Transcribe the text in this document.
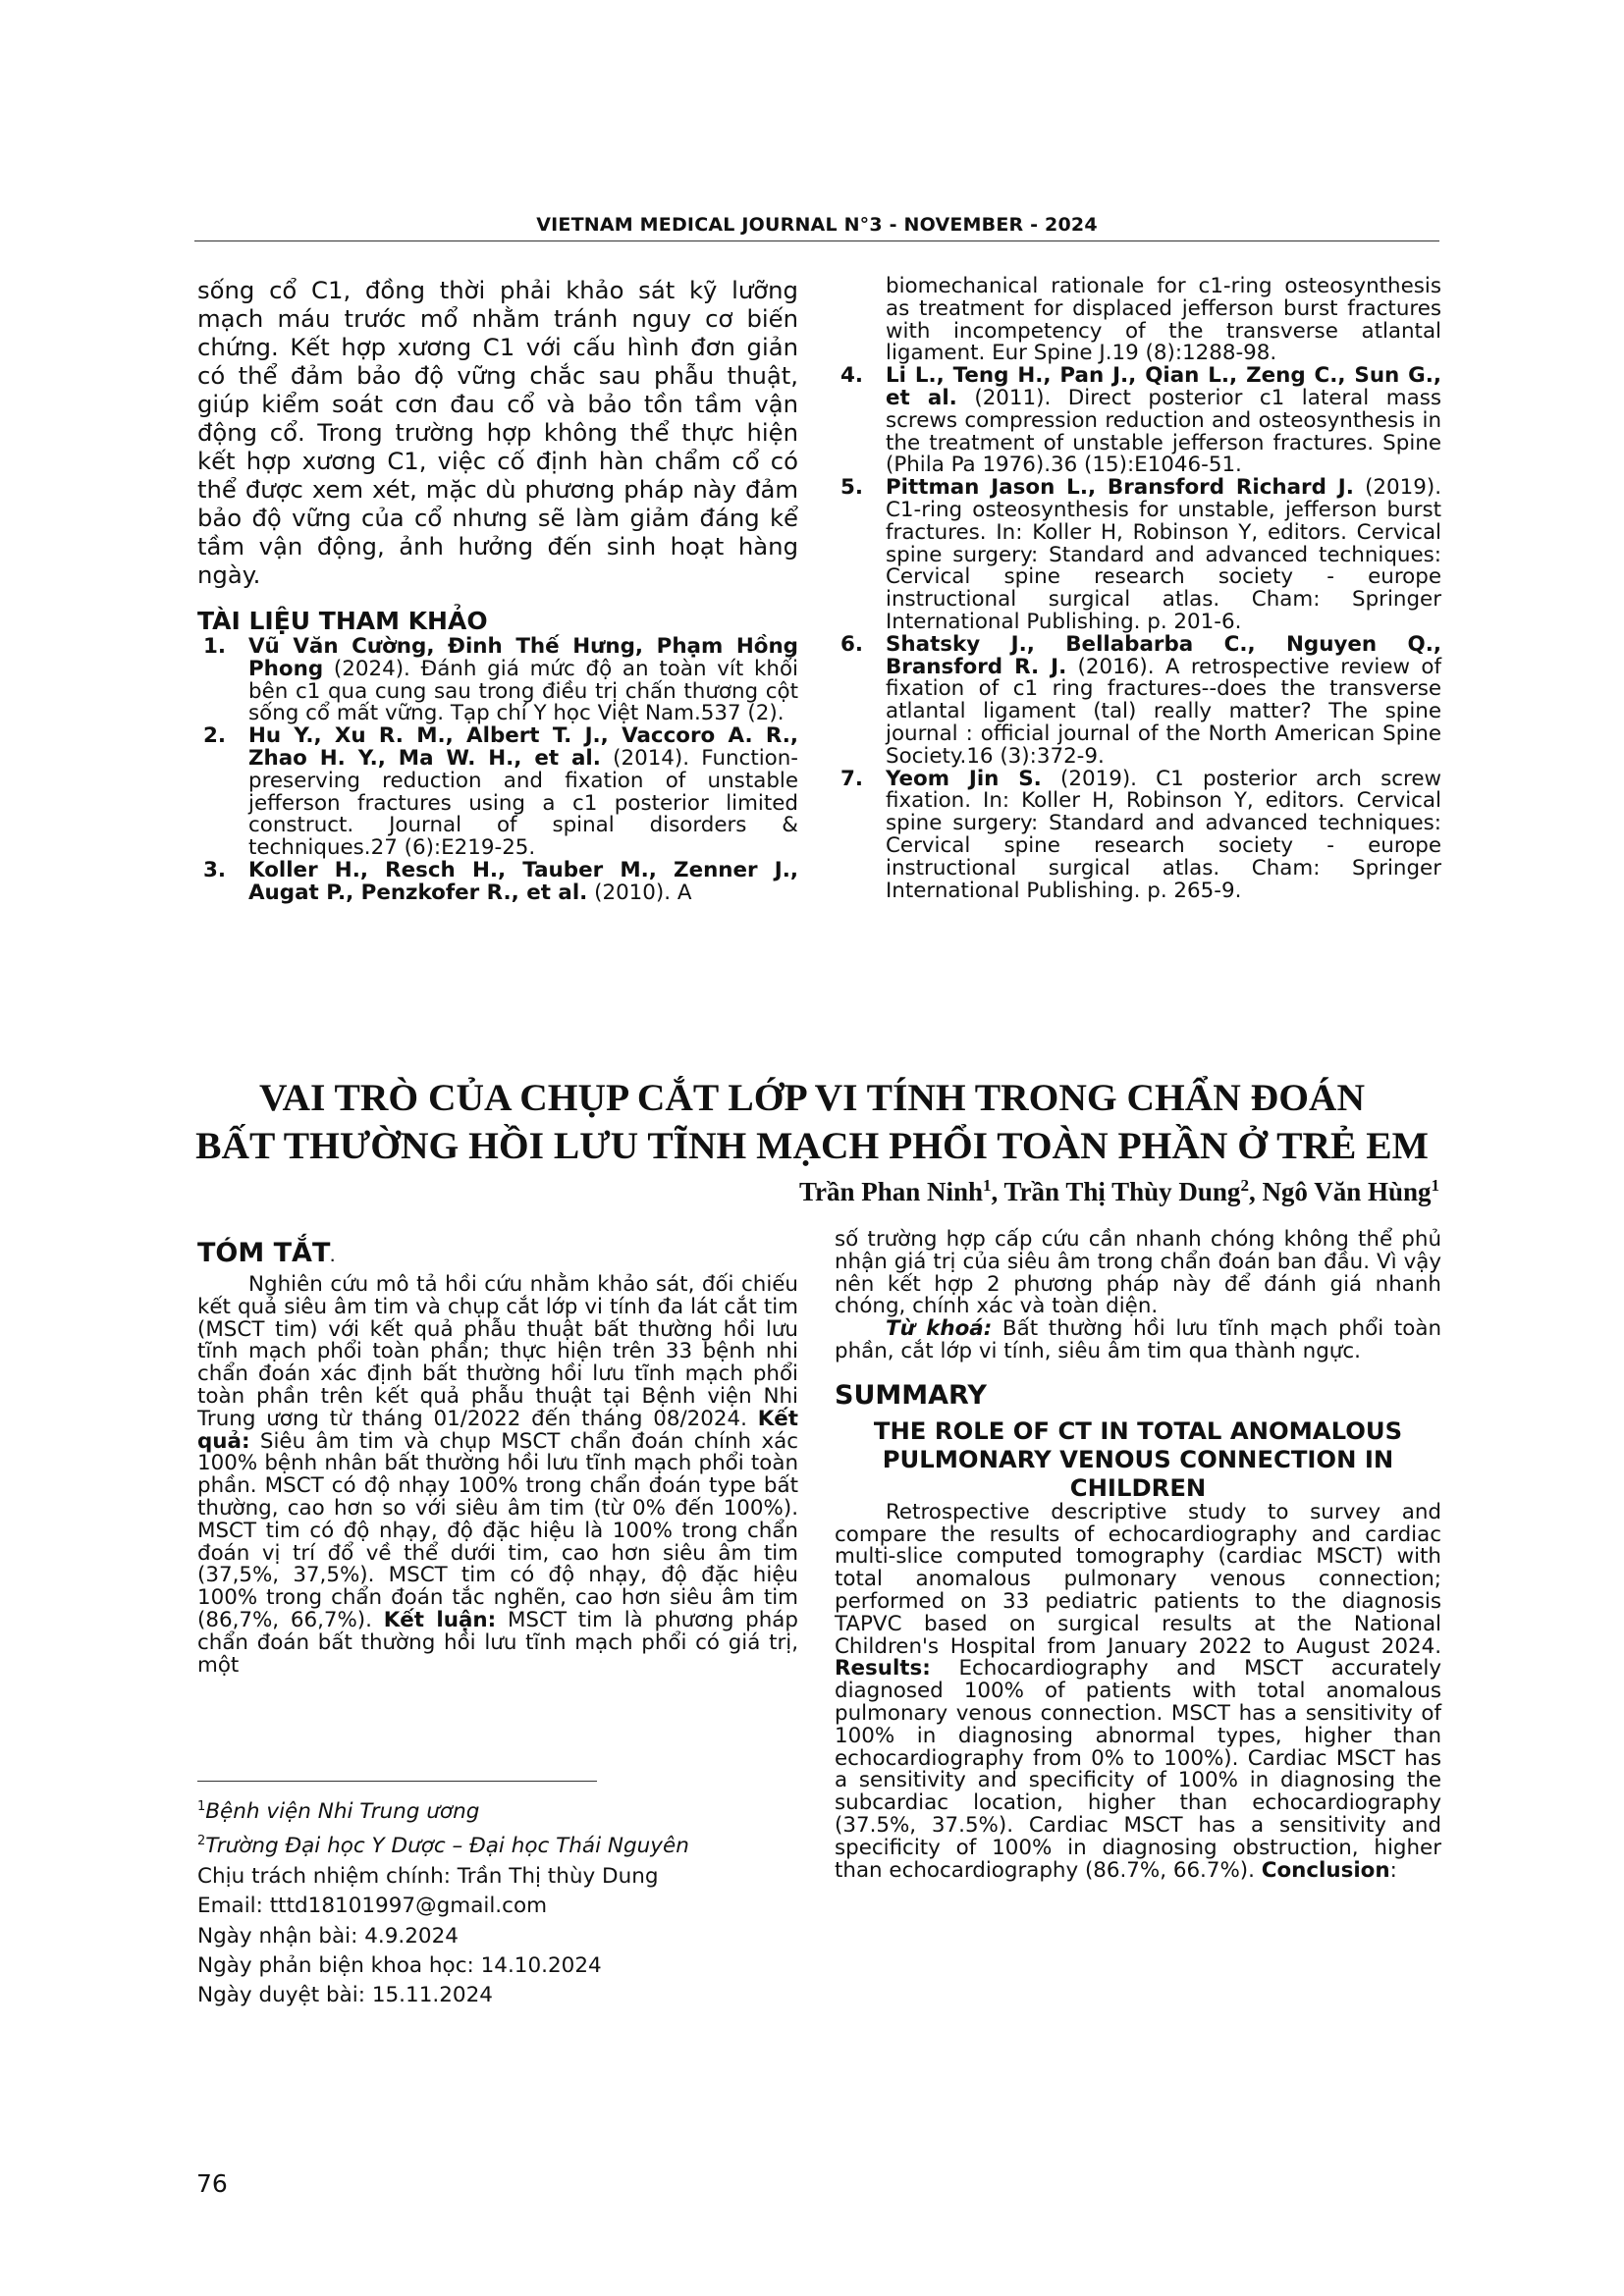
VIETNAM MEDICAL JOURNAL N°3 - NOVEMBER - 2024

sống cổ C1, đồng thời phải khảo sát kỹ lưỡng mạch máu trước mổ nhằm tránh nguy cơ biến chứng. Kết hợp xương C1 với cấu hình đơn giản có thể đảm bảo độ vững chắc sau phẫu thuật, giúp kiểm soát cơn đau cổ và bảo tồn tầm vận động cổ. Trong trường hợp không thể thực hiện kết hợp xương C1, việc cố định hàn chẩm cổ có thể được xem xét, mặc dù phương pháp này đảm bảo độ vững của cổ nhưng sẽ làm giảm đáng kể tầm vận động, ảnh hưởng đến sinh hoạt hàng ngày.

TÀI LIỆU THAM KHẢO

1. Vũ Văn Cường, Đinh Thế Hưng, Phạm Hồng Phong (2024). Đánh giá mức độ an toàn vít khối bên c1 qua cung sau trong điều trị chấn thương cột sống cổ mất vững. Tạp chí Y học Việt Nam.537 (2).
2. Hu Y., Xu R. M., Albert T. J., Vaccoro A. R., Zhao H. Y., Ma W. H., et al. (2014). Function-preserving reduction and fixation of unstable jefferson fractures using a c1 posterior limited construct. Journal of spinal disorders & techniques.27 (6):E219-25.
3. Koller H., Resch H., Tauber M., Zenner J., Augat P., Penzkofer R., et al. (2010). A
biomechanical rationale for c1-ring osteosynthesis as treatment for displaced jefferson burst fractures with incompetency of the transverse atlantal ligament. Eur Spine J.19 (8):1288-98.
4. Li L., Teng H., Pan J., Qian L., Zeng C., Sun G., et al. (2011). Direct posterior c1 lateral mass screws compression reduction and osteosynthesis in the treatment of unstable jefferson fractures. Spine (Phila Pa 1976).36 (15):E1046-51.
5. Pittman Jason L., Bransford Richard J. (2019). C1-ring osteosynthesis for unstable, jefferson burst fractures. In: Koller H, Robinson Y, editors. Cervical spine surgery: Standard and advanced techniques: Cervical spine research society - europe instructional surgical atlas. Cham: Springer International Publishing. p. 201-6.
6. Shatsky J., Bellabarba C., Nguyen Q., Bransford R. J. (2016). A retrospective review of fixation of c1 ring fractures--does the transverse atlantal ligament (tal) really matter? The spine journal : official journal of the North American Spine Society.16 (3):372-9.
7. Yeom Jin S. (2019). C1 posterior arch screw fixation. In: Koller H, Robinson Y, editors. Cervical spine surgery: Standard and advanced techniques: Cervical spine research society - europe instructional surgical atlas. Cham: Springer International Publishing. p. 265-9.
VAI TRÒ CỦA CHỤP CẮT LỚP VI TÍNH TRONG CHẨN ĐOÁN
BẤT THƯỜNG HỒI LƯU TĨNH MẠCH PHỔI TOÀN PHẦN Ở TRẺ EM
Trần Phan Ninh$^1$, Trần Thị Thùy Dung$^2$, Ngô Văn Hùng$^1$
TÓM TẮT.

Nghiên cứu mô tả hồi cứu nhằm khảo sát, đối chiếu kết quả siêu âm tim và chụp cắt lớp vi tính đa lát cắt tim (MSCT tim) với kết quả phẫu thuật bất thường hồi lưu tĩnh mạch phổi toàn phần; thực hiện trên 33 bệnh nhi chẩn đoán xác định bất thường hồi lưu tĩnh mạch phổi toàn phần trên kết quả phẫu thuật tại Bệnh viện Nhi Trung ương từ tháng 01/2022 đến tháng 08/2024. Kết quả: Siêu âm tim và chụp MSCT chẩn đoán chính xác 100% bệnh nhân bất thường hồi lưu tĩnh mạch phổi toàn phần. MSCT có độ nhạy 100% trong chẩn đoán type bất thường, cao hơn so với siêu âm tim (từ 0% đến 100%). MSCT tim có độ nhạy, độ đặc hiệu là 100% trong chẩn đoán vị trí đổ về thể dưới tim, cao hơn siêu âm tim (37,5%, 37,5%). MSCT tim có độ nhạy, độ đặc hiệu 100% trong chẩn đoán tắc nghẽn, cao hơn siêu âm tim (86,7%, 66,7%). Kết luận: MSCT tim là phương pháp chẩn đoán bất thường hồi lưu tĩnh mạch phổi có giá trị, một

$^1$Bệnh viện Nhi Trung ương
$^2$Trường Đại học Y Dược – Đại học Thái Nguyên
Chịu trách nhiệm chính: Trần Thị thùy Dung
Email: tttd18101997@gmail.com
Ngày nhận bài: 4.9.2024
Ngày phản biện khoa học: 14.10.2024
Ngày duyệt bài: 15.11.2024

số trường hợp cấp cứu cần nhanh chóng không thể phủ nhận giá trị của siêu âm trong chẩn đoán ban đầu. Vì vậy nên kết hợp 2 phương pháp này để đánh giá nhanh chóng, chính xác và toàn diện.

Từ khoá: Bất thường hồi lưu tĩnh mạch phổi toàn phần, cắt lớp vi tính, siêu âm tim qua thành ngực.

SUMMARY
THE ROLE OF CT IN TOTAL ANOMALOUS PULMONARY VENOUS CONNECTION IN CHILDREN

Retrospective descriptive study to survey and compare the results of echocardiography and cardiac multi-slice computed tomography (cardiac MSCT) with total anomalous pulmonary venous connection; performed on 33 pediatric patients to the diagnosis TAPVC based on surgical results at the National Children's Hospital from January 2022 to August 2024. Results: Echocardiography and MSCT accurately diagnosed 100% of patients with total anomalous pulmonary venous connection. MSCT has a sensitivity of 100% in diagnosing abnormal types, higher than echocardiography from 0% to 100%). Cardiac MSCT has a sensitivity and specificity of 100% in diagnosing the subcardiac location, higher than echocardiography (37.5%, 37.5%). Cardiac MSCT has a sensitivity and specificity of 100% in diagnosing obstruction, higher than echocardiography (86.7%, 66.7%). Conclusion:

76
